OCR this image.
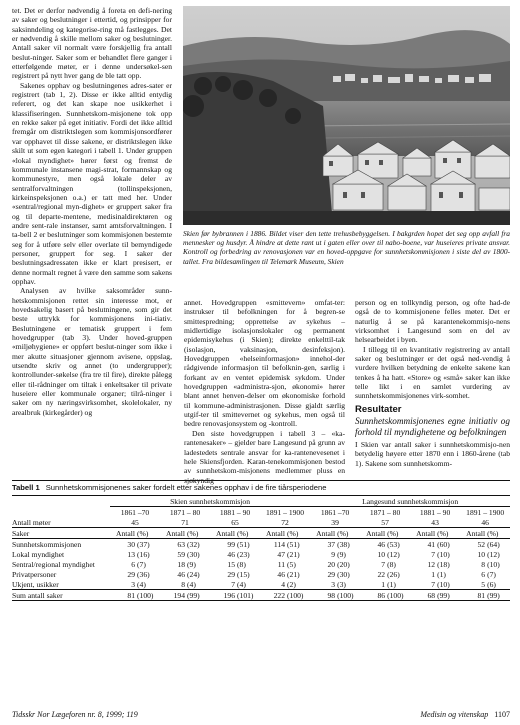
tet. Det er derfor nødvendig å foreta en defi-nering av saker og beslutninger i ettertid, og prinsipper for saksinndeling og kategorise-ring må fastlegges. Det er nødvendig å skille mellom saker og beslutninger. Antall saker vil normalt være forskjellig fra antall beslut-ninger. Saker som er behandlet flere ganger i etterfølgende møter, er i denne undersøkel-sen registrert på nytt hver gang de ble tatt opp.

Sakenes opphav og beslutningenes adres-sater er registrert (tab 1, 2). Disse er ikke alltid entydig referert, og det kan skape noe usikkerhet i klassifiseringen. Sunnhetskom-misjonene tok opp en rekke saker på eget initiativ. Fordi det ikke alltid fremgår om distriktslegen som kommisjonsordfører var opphavet til disse sakene, er distriktslegen ikke skilt ut som egen kategori i tabell 1. Under gruppen «lokal myndighet» hører først og fremst de kommunale instansene magi-strat, formannskap og kommunestyre, men også lokale deler av sentralforvaltningen (tollinspeksjonen, kirkeinspeksjonen o.a.) er tatt med her. Under «sentral/regional myn-dighet» er gruppert saker fra og til departe-mentene, medisinaldirektøren og andre sent-rale instanser, samt amtsforvaltningen. I ta-bell 2 er beslutninger som kommisjonen bestemte seg for å utføre selv eller overlate til bemyndigede personer, gruppert for seg. I saker der beslutningsadressaten ikke er klart presisert, er denne normalt regnet å være den samme som sakens opphav.

Analysen av hvilke saksområder sunn-hetskommisjonen rettet sin interesse mot, er hovedsakelig basert på beslutningene, som gir det beste uttrykk for kommisjonens ini-tiativ. Beslutningene er tematisk gruppert i fem hovedgrupper (tab 3). Under hoved-gruppen «miljøhygiene» er oppført beslut-ninger som ikke i mer akutte situasjoner gjennom avisene, oppslag, utsendte skriv og annet (to undergrupper); kontrollunder-søkelse (fra tre til fire), direkte pålegg eller til-rådninger om tiltak i enkeltsaker til private huseiere eller kommunale organer; tilrå-ninger i saker om ny næringsvirksomhet, skolelokaler, ny arealbruk (kirkegårder) og

Skien før bybrannen i 1886. Bildet viser den tette trehusbebyggelsen. I bakgrden hopet det seg opp avfall fra mennesker og husdyr. Å hindre at dette rant ut i gaten eller over til nabo-boene, var huseieres private ansvar. Kontroll og forbedring av renovasjonen var en hoved-oppgave for sunnhetskommisjonen i siste del av 1800-tallet. Fra bildesamlingen til Telemark Museum, Skien

annet. Hovedgruppen «smittevern» omfat-ter: instrukser til befolkningen for å begren-se smittespredning; opprettelse av sykehus – midlertidige isolasjonslokaler og permanent epidemisykehus (i Skien); direkte enkelttil-tak (isolasjon, vaksinasjon, desinfeksjon). Hovedgruppen «helseinformasjon» innehol-der rådgivende informasjon til befolknin-gen, særlig i forkant av en ventet epidemisk sykdom. Under hovedgruppen «administra-sjon, økonomi» hører blant annet henven-delser om økonomiske forhold til kommune-administrasjonen. Disse gjaldt særlig utgif-ter til smittevernet og sykehus, men også til bedre renovasjonsystem og -kontroll.

Den siste hovedgruppen i tabell 3 – «ka-rantenesaker» – gjelder bare Langesund på grunn av ladestedets sentrale ansvar for ka-rantenevesenet i hele Skiensfjorden. Karan-tenekommisjonen bestod av sunnhetskom-misjonens medlemmer pluss en sjøkyndig

person og en tollkyndig person, og ofte had-de også de to kommisjonene felles møter. Det er naturlig å se på karantenekommisjo-nens virksomhet i Langesund som en del av helsearbeidet i byen.

I tillegg til en kvantitativ registrering av antall saker og beslutninger er det også nød-vendig å vurdere hvilken betydning de enkelte sakene kan tenkes å ha hatt. «Store» og «små» saker kan ikke telle likt i en samlet vurdering av sunnhetskommisjonenes virk-somhet.

Resultater
Sunnhetskommisjonenes egne initiativ og forhold til myndighetene og befolkningen

I Skien var antall saker i sunnhetskommisjo-nen betydelig høyere etter 1870 enn i 1860-årene (tab 1). Sakene som sunnhetskomm-

Tabell 1 Sunnhetskommisjonenes saker fordelt etter sakenes opphav i de fire tiårsperiodene
	Skien sunnhetskommisjon								Langesund sunnhetskommisjon							
	1861 –70		1871 – 80		1881 – 90		1891 – 1900		1861 –70		1871 – 80		1881 – 90		1891 – 1900	
Antall møter	45		71		65		72		39		57		43		46	
Saker	Antall	(%)	Antall	(%)	Antall	(%)	Antall	(%)	Antall	(%)	Antall	(%)	Antall	(%)	Antall	(%)
Sunnhetskommisjonen	30	(37)	63	(32)	99	(51)	114	(51)	37	(38)	46	(53)	41	(60)	52	(64)
Lokal myndighet	13	(16)	59	(30)	46	(23)	47	(21)	9	(9)	10	(12)	7	(10)	10	(12)
Sentral/regional myndighet	6	(7)	18	(9)	15	(8)	11	(5)	20	(20)	7	(8)	12	(18)	8	(10)
Privatpersoner	29	(36)	46	(24)	29	(15)	46	(21)	29	(30)	22	(26)	1	(1)	6	(7)
Ukjent, usikker	3	(4)	8	(4)	7	(4)	4	(2)	3	(3)	1	(1)	7	(10)	5	(6)
Sum antall saker	81	(100)	194	(99)	196	(101)	222	(100)	98	(100)	86	(100)	68	(99)	81	(99)
Tidsskr Nor Lægeforen nr. 8, 1999; 119	Medisin og vitenskap 1107
